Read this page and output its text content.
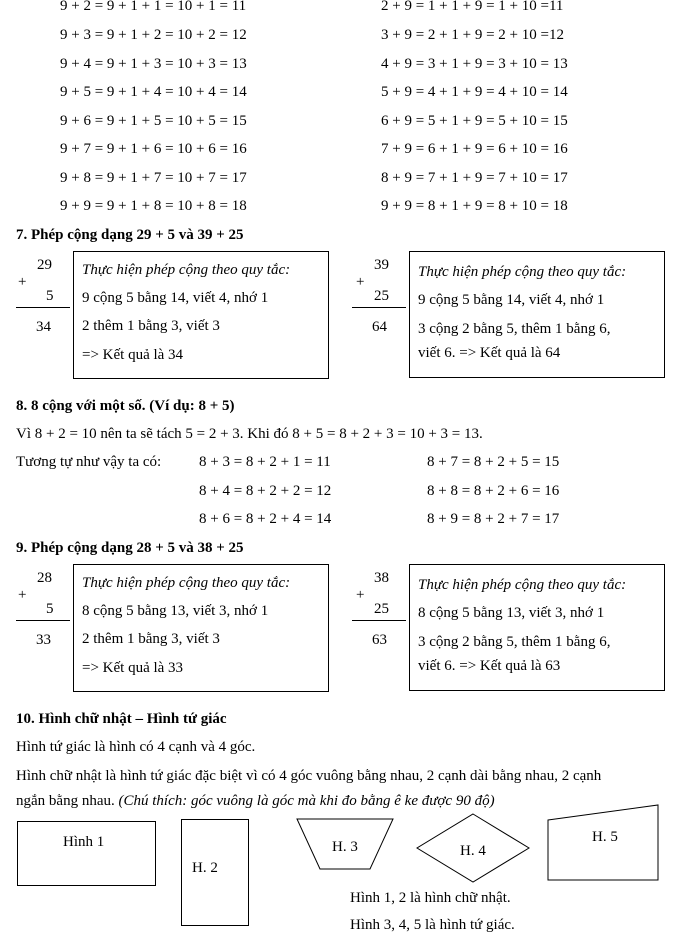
9 + 2 = 9 + 1 + 1 = 10 + 1 = 11
9 + 3 = 9 + 1 + 2 = 10 + 2 = 12
9 + 4 = 9 + 1 + 3 = 10 + 3 = 13
9 + 5 = 9 + 1 + 4 = 10 + 4 = 14
9 + 6 = 9 + 1 + 5 = 10 + 5 = 15
9 + 7 = 9 + 1 + 6 = 10 + 6 = 16
9 + 8 = 9 + 1 + 7 = 10 + 7 = 17
9 + 9 = 9 + 1 + 8 = 10 + 8 = 18
2 + 9 = 1 + 1 + 9 = 1 + 10 =11
3 + 9 = 2 + 1 + 9 = 2 + 10 =12
4 + 9 = 3 + 1 + 9 = 3 + 10 = 13
5 + 9 = 4 + 1 + 9 = 4 + 10 = 14
6 + 9 = 5 + 1 + 9 = 5 + 10 = 15
7 + 9 = 6 + 1 + 9 = 6 + 10 = 16
8 + 9 = 7 + 1 + 9 = 7 + 10 = 17
9 + 9 = 8 + 1 + 9 = 8 + 10 = 18
7. Phép cộng dạng 29 + 5 và 39 + 25
29
+
5
34
Thực hiện phép cộng theo quy tắc:
9 cộng 5 bằng 14, viết 4, nhớ 1
2 thêm 1 bằng 3, viết 3
=> Kết quả là 34
39
+
25
64
Thực hiện phép cộng theo quy tắc:
9 cộng 5 bằng 14, viết 4, nhớ 1
3 cộng 2 bằng 5, thêm 1 bằng 6,
viết 6. => Kết quả là 64
8. 8 cộng với một số. (Ví dụ: 8 + 5)
Vì 8 + 2 = 10 nên ta sẽ tách 5 = 2 + 3. Khi đó 8 + 5 = 8 + 2 + 3 = 10 + 3 = 13.
Tương tự như vậy ta có:	8 + 3 = 8 + 2 + 1 = 11
8 + 4 = 8 + 2 + 2 = 12
8 + 6 = 8 + 2 + 4 = 14
8 + 7 = 8 + 2 + 5 = 15
8 + 8 = 8 + 2 + 6 = 16
8 + 9 = 8 + 2 + 7 = 17
9. Phép cộng dạng 28 + 5 và 38 + 25
28
+
5
33
Thực hiện phép cộng theo quy tắc:
8 cộng 5 bằng 13, viết 3, nhớ 1
2 thêm 1 bằng 3, viết 3
=> Kết quả là 33
38
+
25
63
Thực hiện phép cộng theo quy tắc:
8 cộng 5 bằng 13, viết 3, nhớ 1
3 cộng 2 bằng 5, thêm 1 bằng 6,
viết 6. => Kết quả là 63
10. Hình chữ nhật – Hình tứ giác
Hình tứ giác là hình có 4 cạnh và 4 góc.
Hình chữ nhật là hình tứ giác đặc biệt vì có 4 góc vuông bằng nhau, 2 cạnh dài bằng nhau, 2 cạnh
ngắn bằng nhau. (Chú thích: góc vuông là góc mà khi đo bằng ê ke được 90 độ)
Hình 1
H. 2
H. 3	H. 4
H. 5
Hình 1, 2 là hình chữ nhật.
Hình 3, 4, 5 là hình tứ giác.
